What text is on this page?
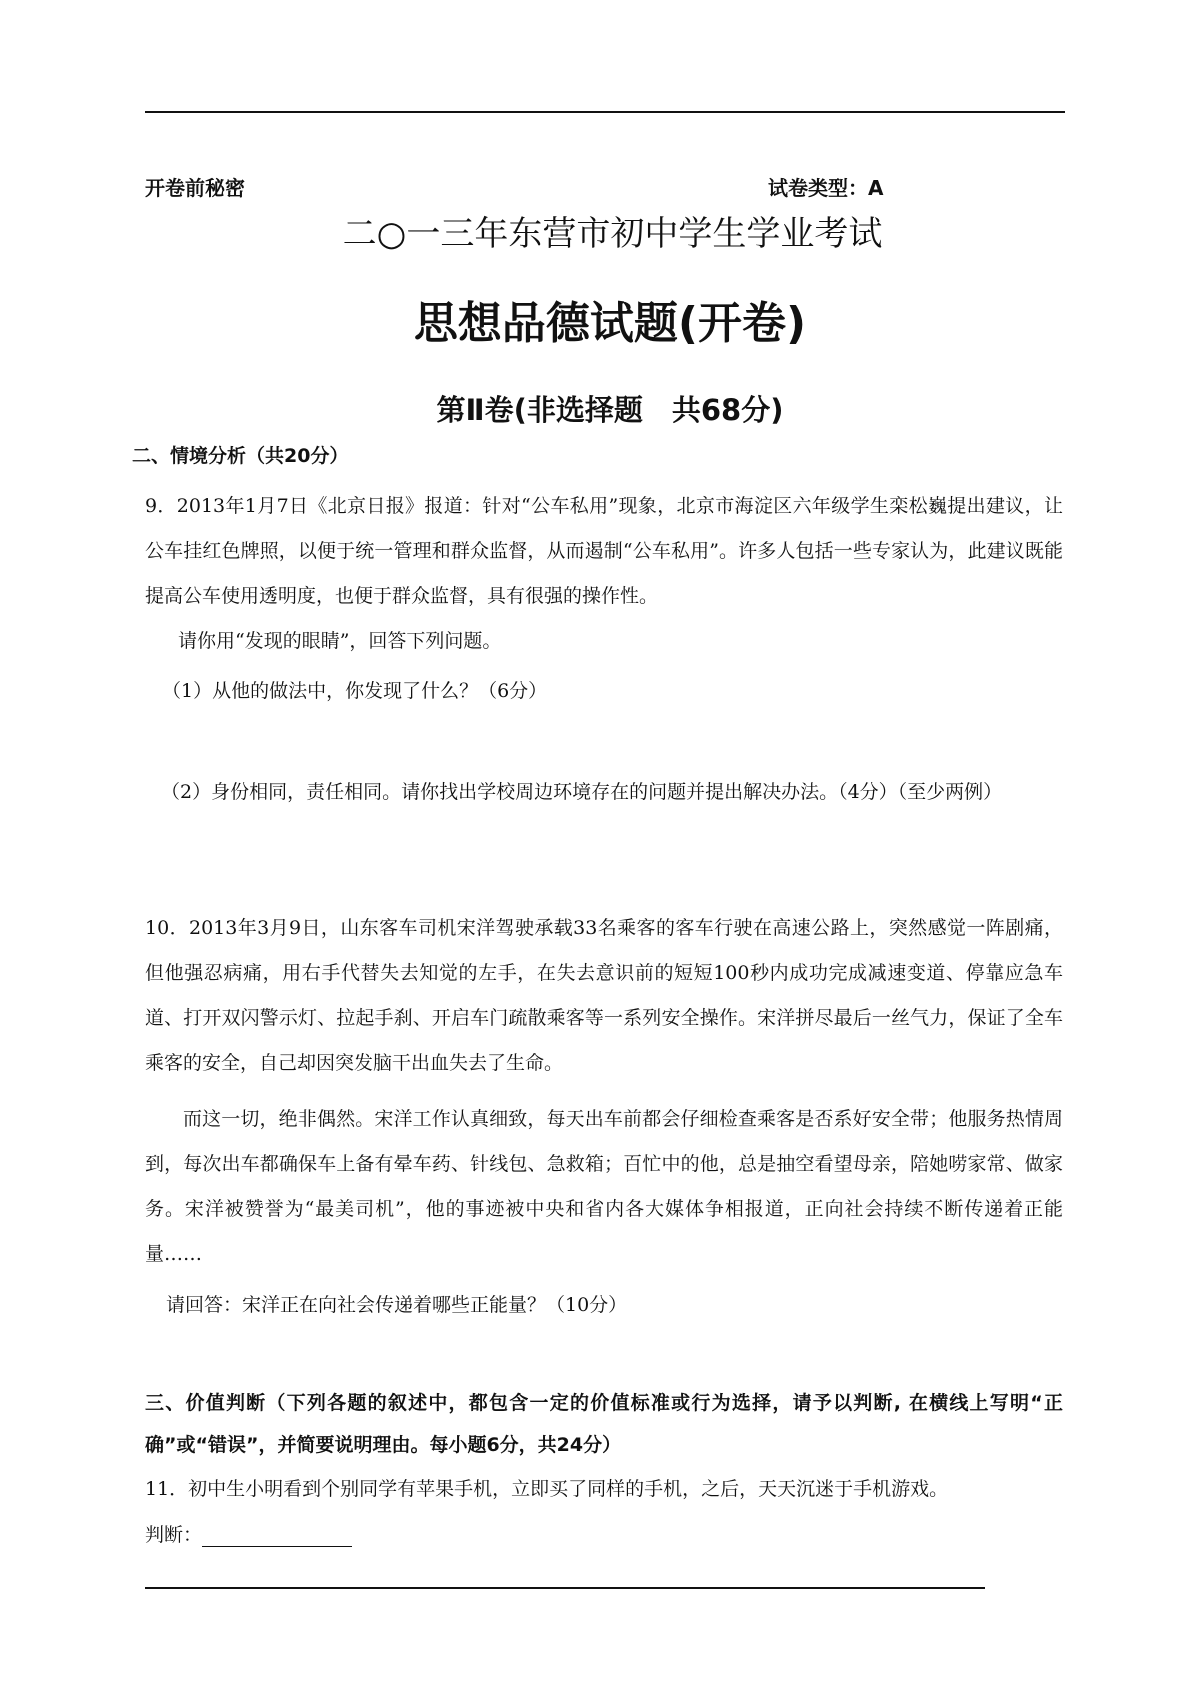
开卷前秘密	试卷类型：A
二○一三年东营市初中学生学业考试
思想品德试题(开卷)
第Ⅱ卷(非选择题　共68分)
二、情境分析（共20分）
9．2013年1月7日《北京日报》报道：针对“公车私用”现象，北京市海淀区六年级学生栾松巍提出建议，让公车挂红色牌照，以便于统一管理和群众监督，从而遏制“公车私用”。许多人包括一些专家认为，此建议既能提高公车使用透明度，也便于群众监督，具有很强的操作性。
请你用“发现的眼睛”，回答下列问题。
（1）从他的做法中，你发现了什么？（6分）
（2）身份相同，责任相同。请你找出学校周边环境存在的问题并提出解决办法。（4分）（至少两例）
10．2013年3月9日，山东客车司机宋洋驾驶承载33名乘客的客车行驶在高速公路上，突然感觉一阵剧痛，但他强忍病痛，用右手代替失去知觉的左手，在失去意识前的短短100秒内成功完成减速变道、停靠应急车道、打开双闪警示灯、拉起手刹、开启车门疏散乘客等一系列安全操作。宋洋拼尽最后一丝气力，保证了全车乘客的安全，自己却因突发脑干出血失去了生命。
而这一切，绝非偶然。宋洋工作认真细致，每天出车前都会仔细检查乘客是否系好安全带；他服务热情周到，每次出车都确保车上备有晕车药、针线包、急救箱；百忙中的他，总是抽空看望母亲，陪她唠家常、做家务。宋洋被赞誉为“最美司机”，他的事迹被中央和省内各大媒体争相报道，正向社会持续不断传递着正能量……
请回答：宋洋正在向社会传递着哪些正能量？（10分）
三、价值判断（下列各题的叙述中，都包含一定的价值标准或行为选择，请予以判断, 在横线上写明“正确”或“错误”，并简要说明理由。每小题6分，共24分）
11．初中生小明看到个别同学有苹果手机，立即买了同样的手机，之后，天天沉迷于手机游戏。
判断：
